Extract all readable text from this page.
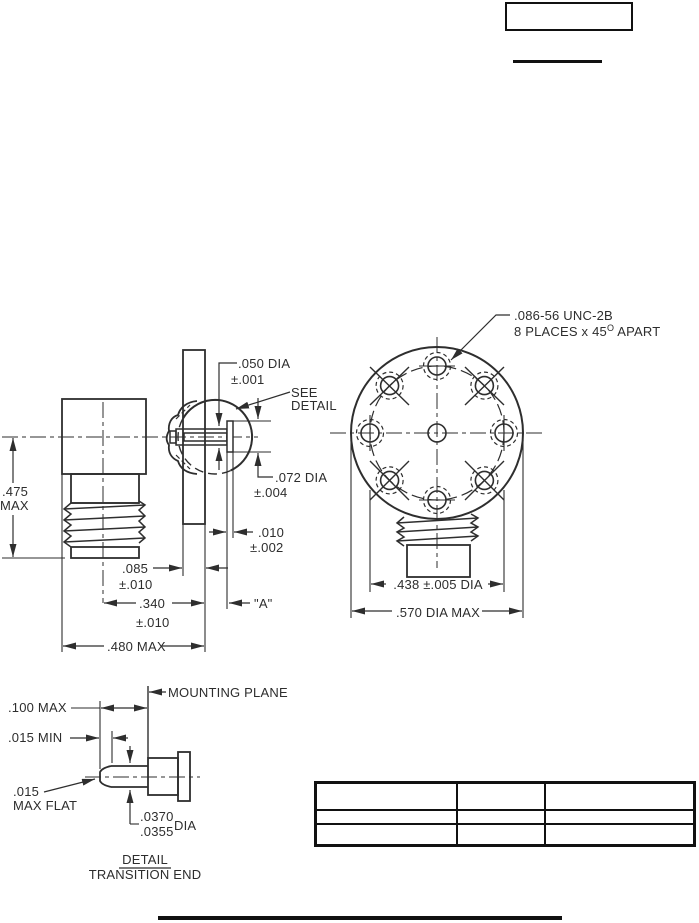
.050 DIA
±.001
SEE
DETAIL
.072 DIA
±.004
.475
MAX
.010
±.002
.085
±.010
.340
±.010
"A"
.480 MAX
.086-56 UNC-2B
8 PLACES x $45^O$ APART
.438 ±.005 DIA
.570 DIA MAX
MOUNTING PLANE
.100 MAX
.015 MIN
.015
MAX FLAT
.0370
.0355 DIA
DETAIL
TRANSITION END
